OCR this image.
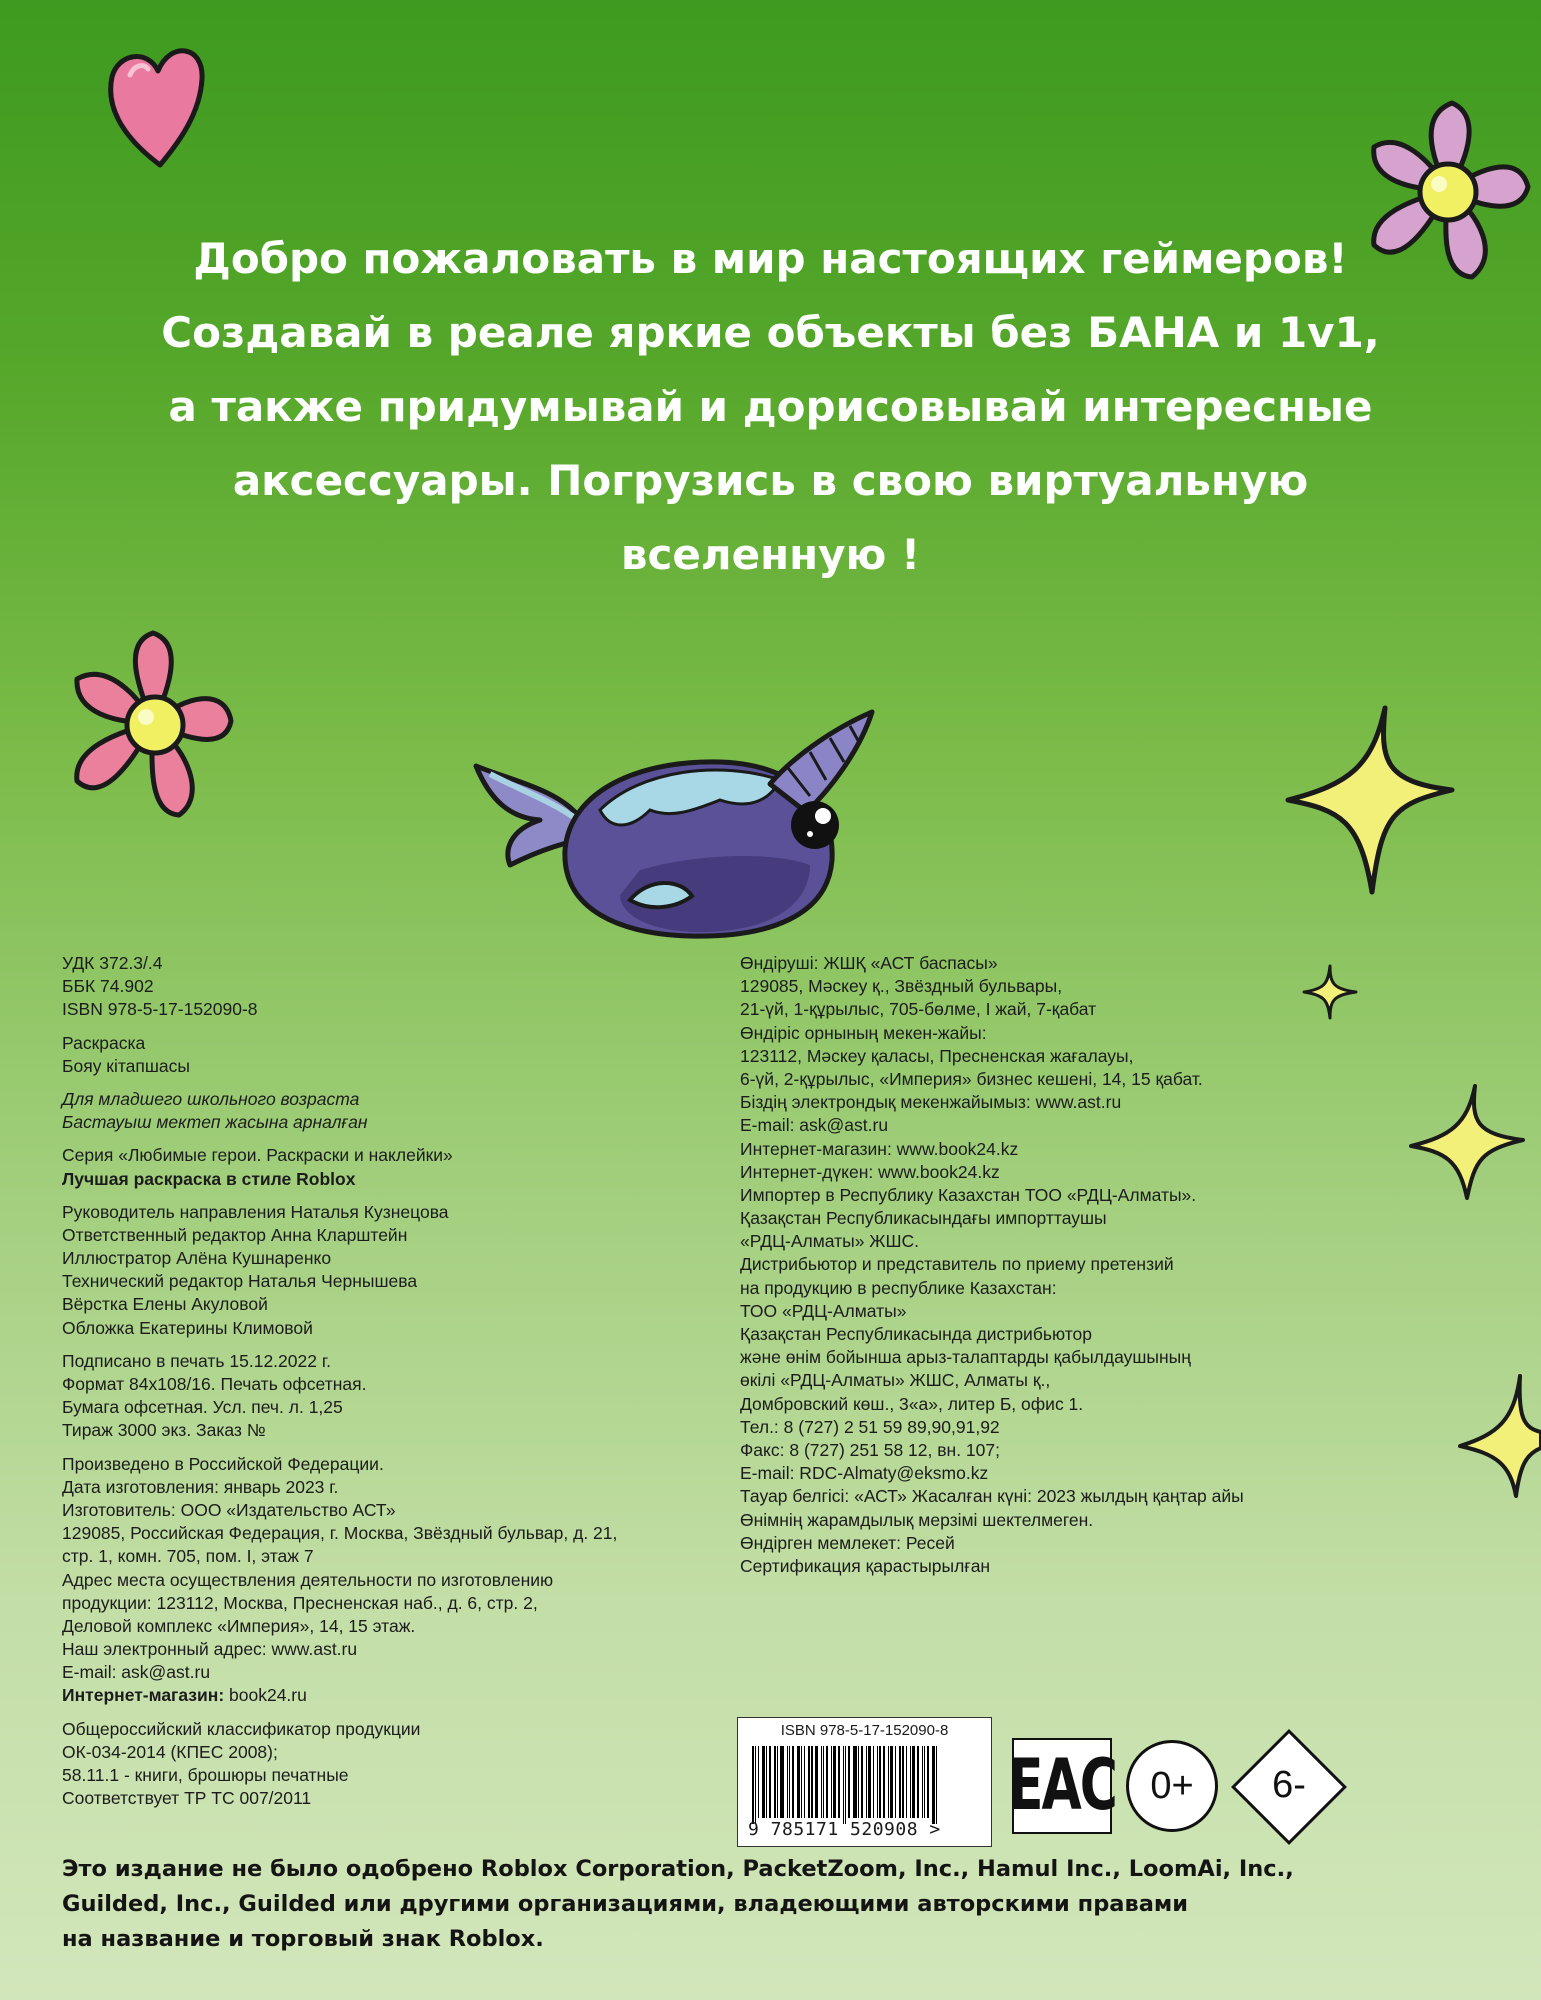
Добро пожаловать в мир настоящих геймеров!
Создавай в реале яркие объекты без БАНА и 1v1,
а также придумывай и дорисовывай интересные
аксессуары. Погрузись в свою виртуальную
вселенную !
УДК 372.3/.4
ББК 74.902
ISBN 978-5-17-152090-8
Раскраска
Бояу кітапшасы
Для младшего школьного возраста
Бастауыш мектеп жасына арналған
Серия «Любимые герои. Раскраски и наклейки»
Лучшая раскраска в стиле Roblox
Руководитель направления Наталья Кузнецова
Ответственный редактор Анна Кларштейн
Иллюстратор Алёна Кушнаренко
Технический редактор Наталья Чернышева
Вёрстка Елены Акуловой
Обложка Екатерины Климовой
Подписано в печать 15.12.2022 г.
Формат 84x108/16. Печать офсетная.
Бумага офсетная. Усл. печ. л. 1,25
Тираж 3000 экз. Заказ №
Произведено в Российской Федерации.
Дата изготовления: январь 2023 г.
Изготовитель: ООО «Издательство АСТ»
129085, Российская Федерация, г. Москва, Звёздный бульвар, д. 21,
стр. 1, комн. 705, пом. I, этаж 7
Адрес места осуществления деятельности по изготовлению
продукции: 123112, Москва, Пресненская наб., д. 6, стр. 2,
Деловой комплекс «Империя», 14, 15 этаж.
Наш электронный адрес: www.ast.ru
E-mail: ask@ast.ru
Интернет-магазин: book24.ru
Общероссийский классификатор продукции
ОК-034-2014 (КПЕС 2008);
58.11.1 - книги, брошюры печатные
Соответствует ТР ТС 007/2011
Өндіруші: ЖШҚ «АСТ баспасы»
129085, Мәскеу қ., Звёздный бульвары,
21-үй, 1-құрылыс, 705-бөлме, I жай, 7-қабат
Өндіріс орнының мекен-жайы:
123112, Мәскеу қаласы, Пресненская жағалауы,
6-үй, 2-құрылыс, «Империя» бизнес кешені, 14, 15 қабат.
Біздің электрондық мекенжайымыз: www.ast.ru
E-mail: ask@ast.ru
Интернет-магазин: www.book24.kz
Интернет-дүкен: www.book24.kz
Импортер в Республику Казахстан ТОО «РДЦ-Алматы».
Қазақстан Республикасындағы импорттаушы
«РДЦ-Алматы» ЖШС.
Дистрибьютор и представитель по приему претензий
на продукцию в республике Казахстан:
ТОО «РДЦ-Алматы»
Қазақстан Республикасында дистрибьютор
және өнім бойынша арыз-талаптарды қабылдаушының
өкілі «РДЦ-Алматы» ЖШС, Алматы қ.,
Домбровский көш., 3«а», литер Б, офис 1.
Тел.: 8 (727) 2 51 59 89,90,91,92
Факс: 8 (727) 251 58 12, вн. 107;
E-mail: RDC-Almaty@eksmo.kz
Тауар белгісі: «АСТ» Жасалған күні: 2023 жылдың қаңтар айы
Өнімнің жарамдылық мерзімі шектелмеген.
Өндірген мемлекет: Ресей
Сертификация қарастырылған
ISBN 978-5-17-152090-8
9 785171 520908 >
EAC 0+	6-
Это издание не было одобрено Roblox Corporation, PacketZoom, Inc., Hamul Inc., LoomAi, Inc.,
Guilded, Inc., Guilded или другими организациями, владеющими авторскими правами
на название и торговый знак Roblox.
